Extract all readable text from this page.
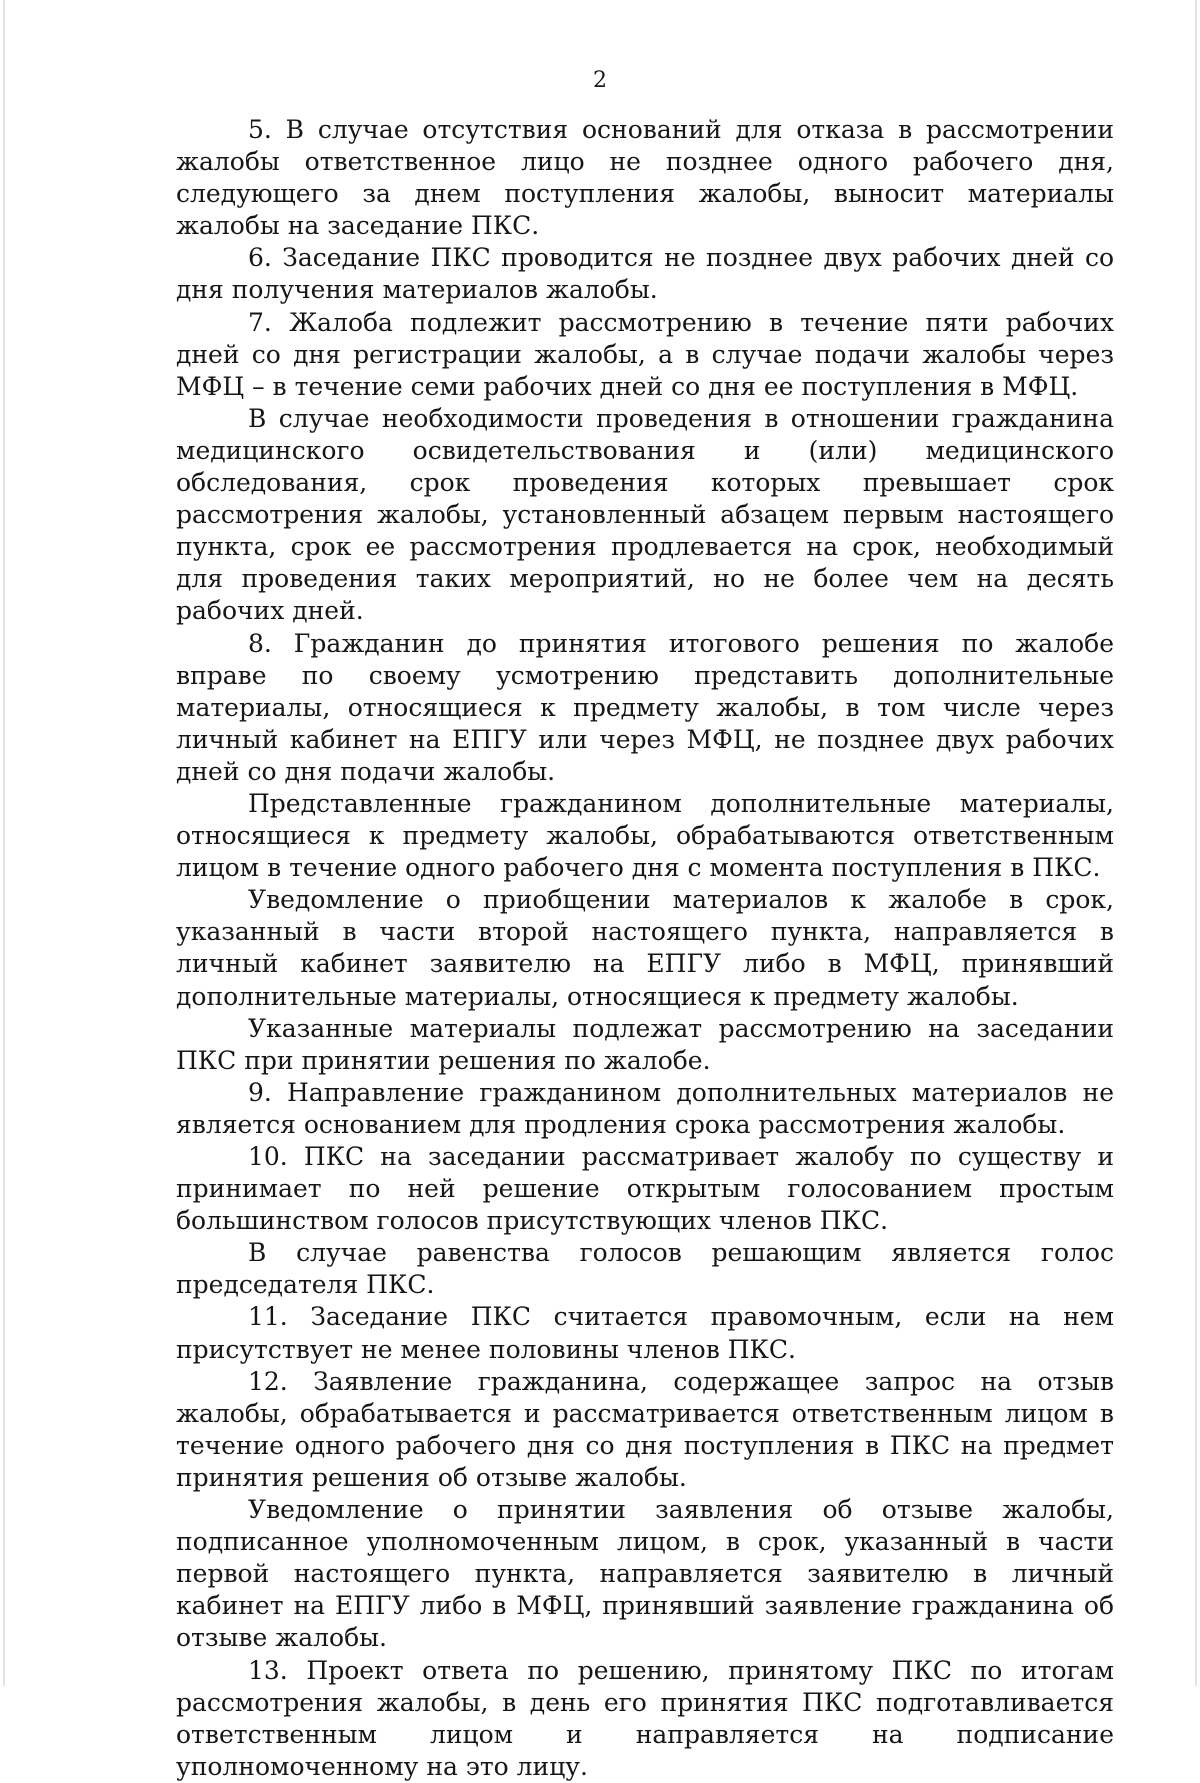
2

5. В случае отсутствия оснований для отказа в рассмотрении жалобы ответственное лицо не позднее одного рабочего дня, следующего за днем поступления жалобы, выносит материалы жалобы на заседание ПКС.

6. Заседание ПКС проводится не позднее двух рабочих дней со дня получения материалов жалобы.

7. Жалоба подлежит рассмотрению в течение пяти рабочих дней со дня регистрации жалобы, а в случае подачи жалобы через МФЦ – в течение семи рабочих дней со дня ее поступления в МФЦ.

В случае необходимости проведения в отношении гражданина медицинского освидетельствования и (или) медицинского обследования, срок проведения которых превышает срок рассмотрения жалобы, установленный абзацем первым настоящего пункта, срок ее рассмотрения продлевается на срок, необходимый для проведения таких мероприятий, но не более чем на десять рабочих дней.

8. Гражданин до принятия итогового решения по жалобе вправе по своему усмотрению представить дополнительные материалы, относящиеся к предмету жалобы, в том числе через личный кабинет на ЕПГУ или через МФЦ, не позднее двух рабочих дней со дня подачи жалобы.

Представленные гражданином дополнительные материалы, относящиеся к предмету жалобы, обрабатываются ответственным лицом в течение одного рабочего дня с момента поступления в ПКС.

Уведомление о приобщении материалов к жалобе в срок, указанный в части второй настоящего пункта, направляется в личный кабинет заявителю на ЕПГУ либо в МФЦ, принявший дополнительные материалы, относящиеся к предмету жалобы.

Указанные материалы подлежат рассмотрению на заседании ПКС при принятии решения по жалобе.

9. Направление гражданином дополнительных материалов не является основанием для продления срока рассмотрения жалобы.

10. ПКС на заседании рассматривает жалобу по существу и принимает по ней решение открытым голосованием простым большинством голосов присутствующих членов ПКС.

В случае равенства голосов решающим является голос председателя ПКС.

11. Заседание ПКС считается правомочным, если на нем присутствует не менее половины членов ПКС.

12. Заявление гражданина, содержащее запрос на отзыв жалобы, обрабатывается и рассматривается ответственным лицом в течение одного рабочего дня со дня поступления в ПКС на предмет принятия решения об отзыве жалобы.

Уведомление о принятии заявления об отзыве жалобы, подписанное уполномоченным лицом, в срок, указанный в части первой настоящего пункта, направляется заявителю в личный кабинет на ЕПГУ либо в МФЦ, принявший заявление гражданина об отзыве жалобы.

13. Проект ответа по решению, принятому ПКС по итогам рассмотрения жалобы, в день его принятия ПКС подготавливается ответственным лицом и направляется на подписание уполномоченному на это лицу.
